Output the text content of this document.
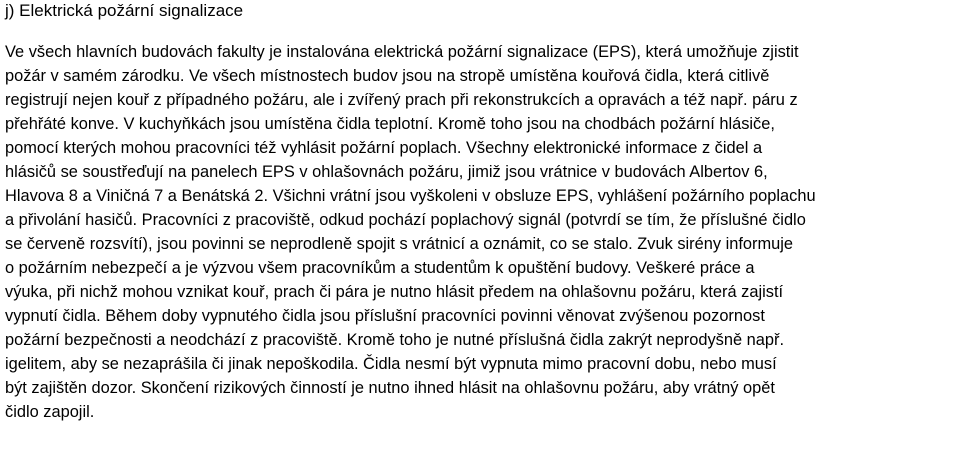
j) Elektrická požární signalizace

Ve všech hlavních budovách fakulty je instalována elektrická požární signalizace (EPS), která umožňuje zjistit
požár v samém zárodku. Ve všech místnostech budov jsou na stropě umístěna kouřová čidla, která citlivě
registrují nejen kouř z případného požáru, ale i zvířený prach při rekonstrukcích a opravách a též např. páru z
přehřáté konve. V kuchyňkách jsou umístěna čidla teplotní. Kromě toho jsou na chodbách požární hlásiče,
pomocí kterých mohou pracovníci též vyhlásit požární poplach. Všechny elektronické informace z čidel a
hlásičů se soustřeďují na panelech EPS v ohlašovnách požáru, jimiž jsou vrátnice v budovách Albertov 6,
Hlavova 8 a Viničná 7 a Benátská 2. Všichni vrátní jsou vyškoleni v obsluze EPS, vyhlášení požárního poplachu
a přivolání hasičů. Pracovníci z pracoviště, odkud pochází poplachový signál (potvrdí se tím, že příslušné čidlo
se červeně rozsvítí), jsou povinni se neprodleně spojit s vrátnicí a oznámit, co se stalo. Zvuk sirény informuje
o požárním nebezpečí a je výzvou všem pracovníkům a studentům k opuštění budovy. Veškeré práce a
výuka, při nichž mohou vznikat kouř, prach či pára je nutno hlásit předem na ohlašovnu požáru, která zajistí
vypnutí čidla. Během doby vypnutého čidla jsou příslušní pracovníci povinni věnovat zvýšenou pozornost
požární bezpečnosti a neodchází z pracoviště. Kromě toho je nutné příslušná čidla zakrýt neprodyšně např.
igelitem, aby se nezaprášila či jinak nepoškodila. Čidla nesmí být vypnuta mimo pracovní dobu, nebo musí
být zajištěn dozor. Skončení rizikových činností je nutno ihned hlásit na ohlašovnu požáru, aby vrátný opět
čidlo zapojil.
